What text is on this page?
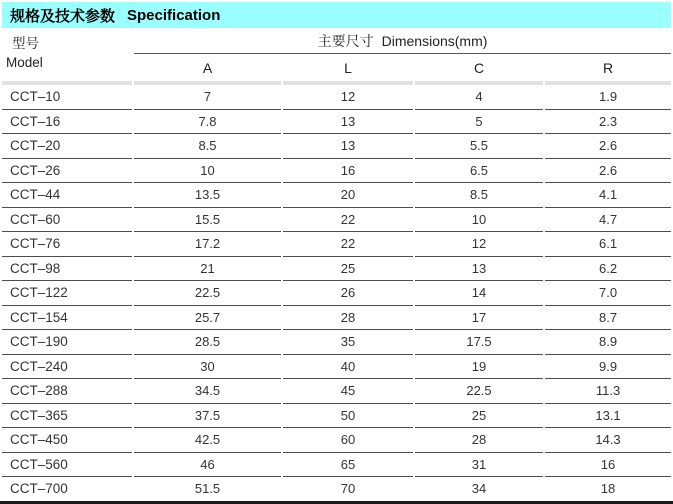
规格及技术参数 Specification
型号
Model	主要尺寸 Dimensions(mm)			
	A	L	C	R

CCT–10	7	12	4	1.9
CCT–16	7.8	13	5	2.3
CCT–20	8.5	13	5.5	2.6
CCT–26	10	16	6.5	2.6
CCT–44	13.5	20	8.5	4.1
CCT–60	15.5	22	10	4.7
CCT–76	17.2	22	12	6.1
CCT–98	21	25	13	6.2
CCT–122	22.5	26	14	7.0
CCT–154	25.7	28	17	8.7
CCT–190	28.5	35	17.5	8.9
CCT–240	30	40	19	9.9
CCT–288	34.5	45	22.5	11.3
CCT–365	37.5	50	25	13.1
CCT–450	42.5	60	28	14.3
CCT–560	46	65	31	16
CCT–700	51.5	70	34	18
